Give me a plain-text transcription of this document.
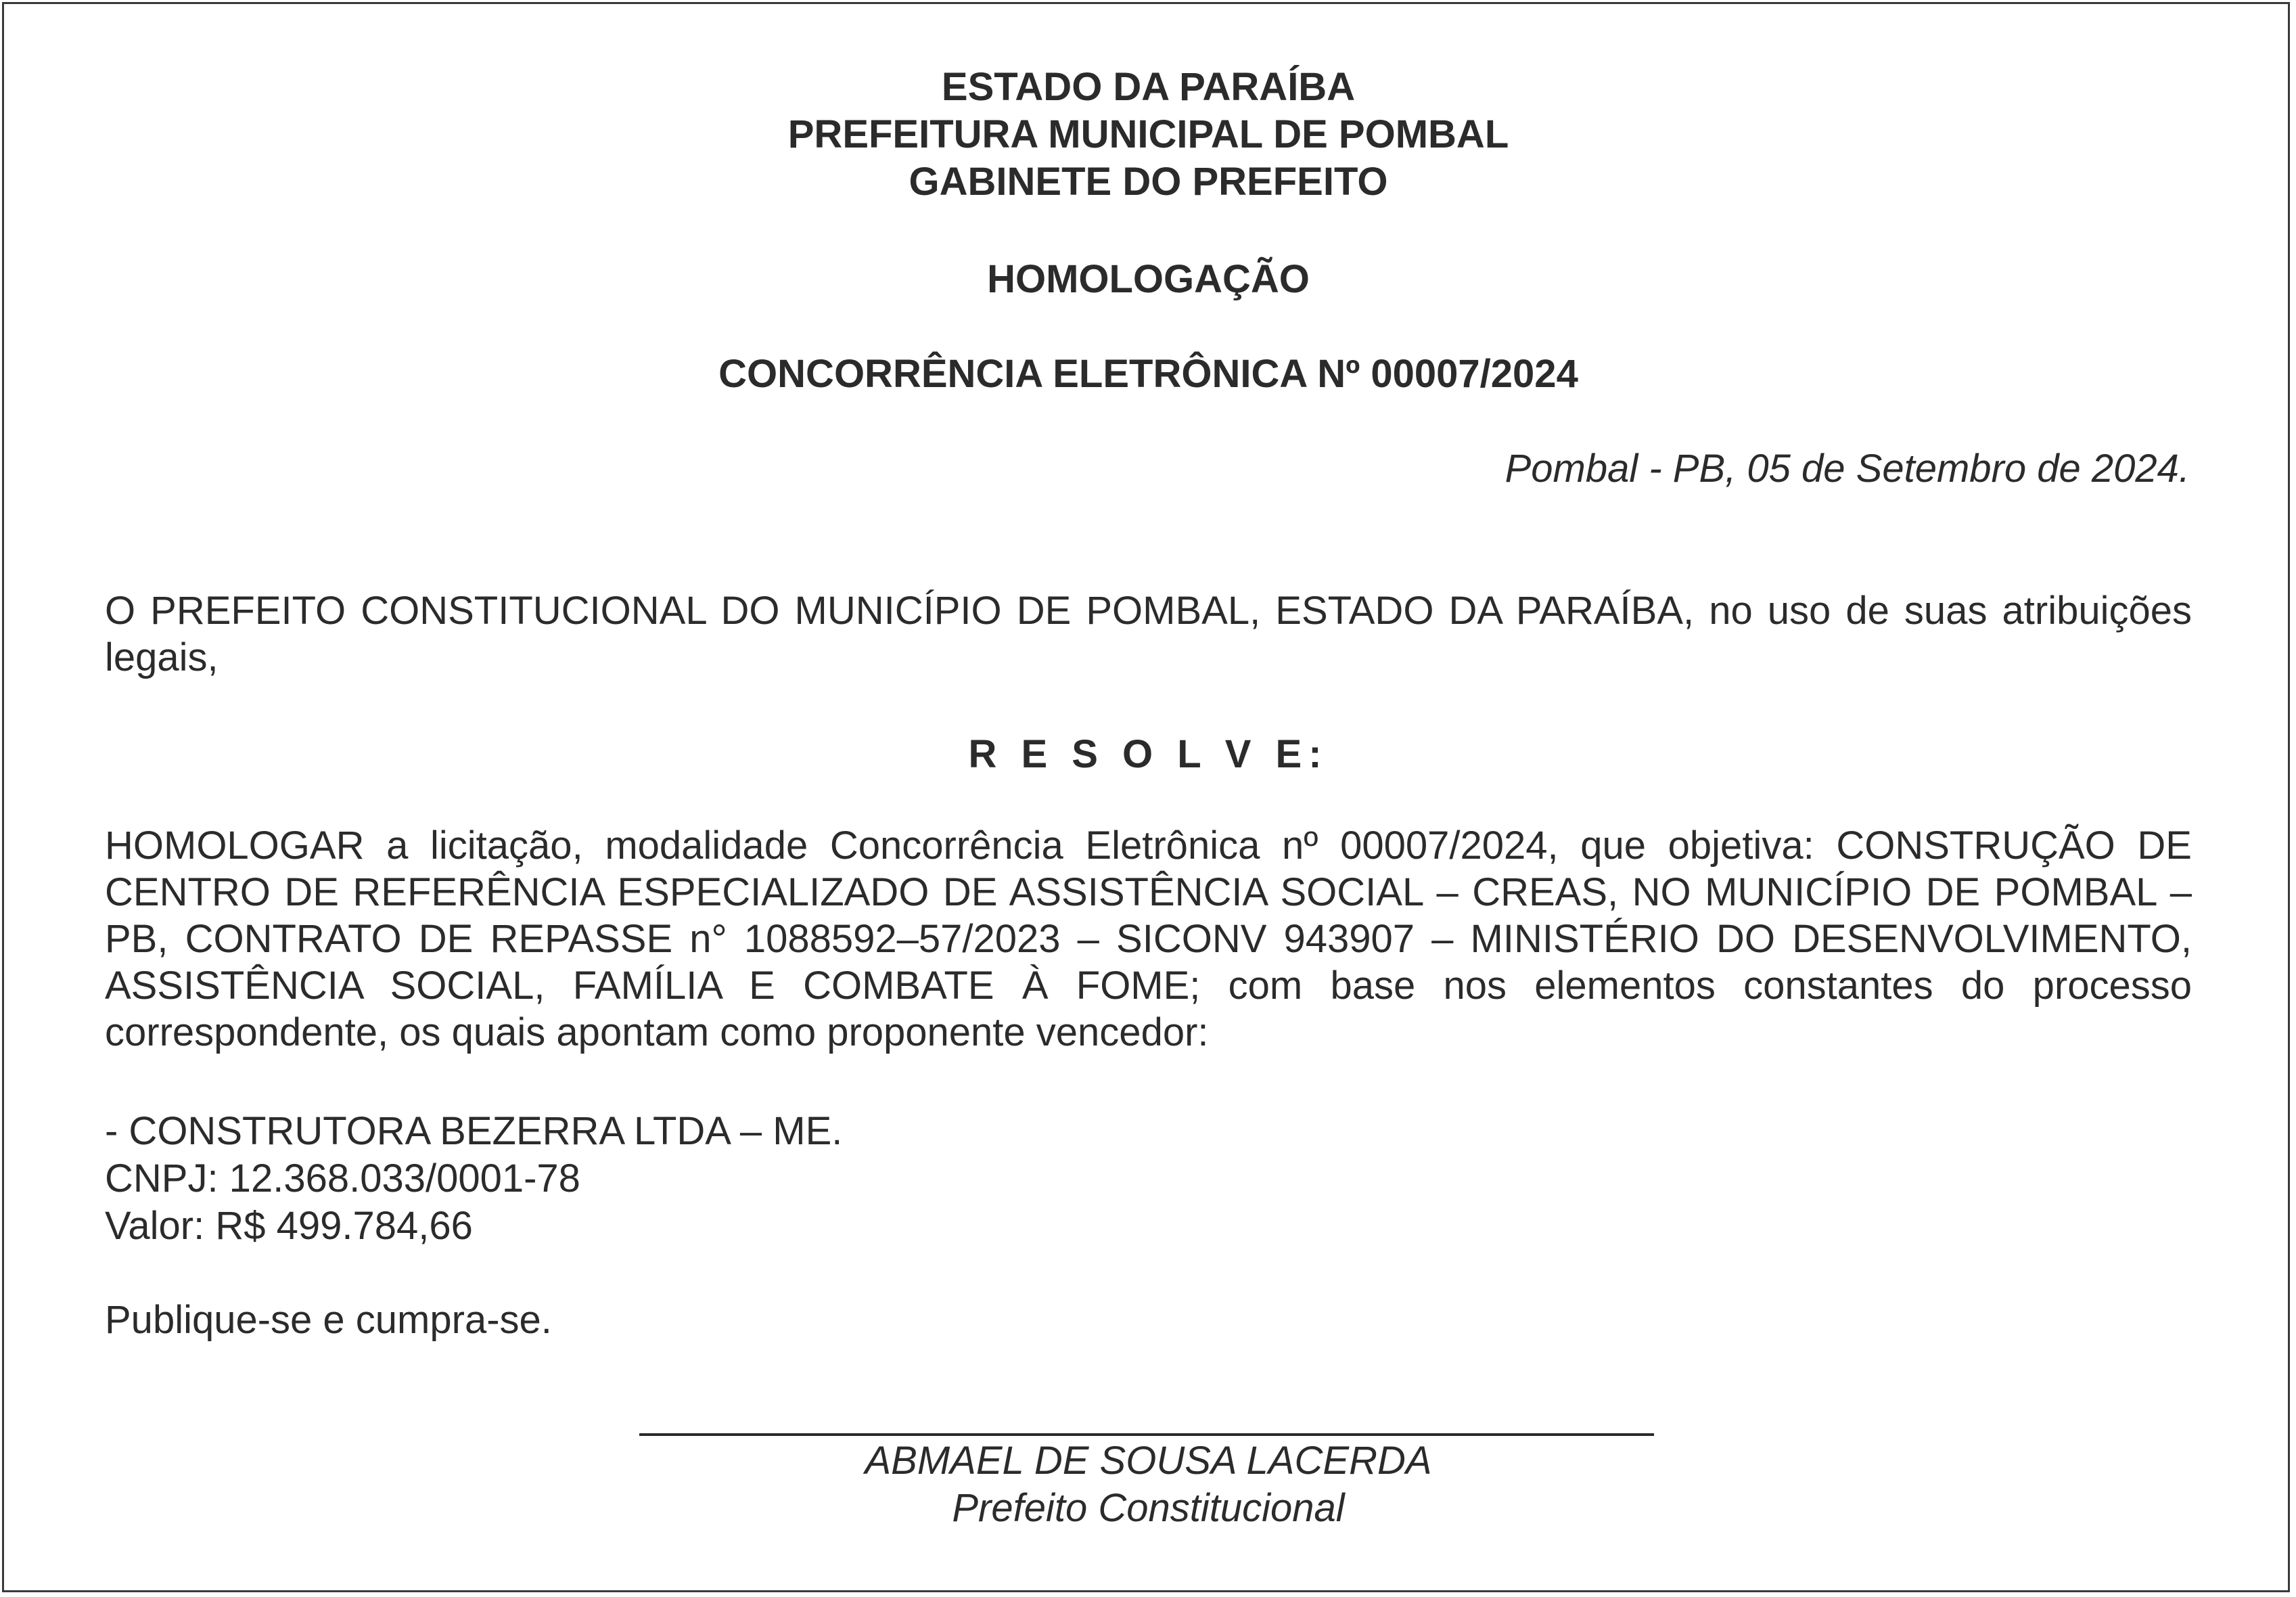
ESTADO DA PARAÍBA
PREFEITURA MUNICIPAL DE POMBAL
GABINETE DO PREFEITO
HOMOLOGAÇÃO
CONCORRÊNCIA ELETRÔNICA Nº 00007/2024
Pombal - PB, 05 de Setembro de 2024.

O PREFEITO CONSTITUCIONAL DO MUNICÍPIO DE POMBAL, ESTADO DA PARAÍBA, no uso de suas atribuições legais,

R E S O L V E:

HOMOLOGAR a licitação, modalidade Concorrência Eletrônica nº 00007/2024, que objetiva: CONSTRUÇÃO DE CENTRO DE REFERÊNCIA ESPECIALIZADO DE ASSISTÊNCIA SOCIAL – CREAS, NO MUNICÍPIO DE POMBAL – PB, CONTRATO DE REPASSE n° 1088592–57/2023 – SICONV 943907 – MINISTÉRIO DO DESENVOLVIMENTO, ASSISTÊNCIA SOCIAL, FAMÍLIA E COMBATE À FOME; com base nos elementos constantes do processo correspondente, os quais apontam como proponente vencedor:

- CONSTRUTORA BEZERRA LTDA – ME.
CNPJ: 12.368.033/0001-78
Valor: R$ 499.784,66
Publique-se e cumpra-se.
ABMAEL DE SOUSA LACERDA
Prefeito Constitucional
